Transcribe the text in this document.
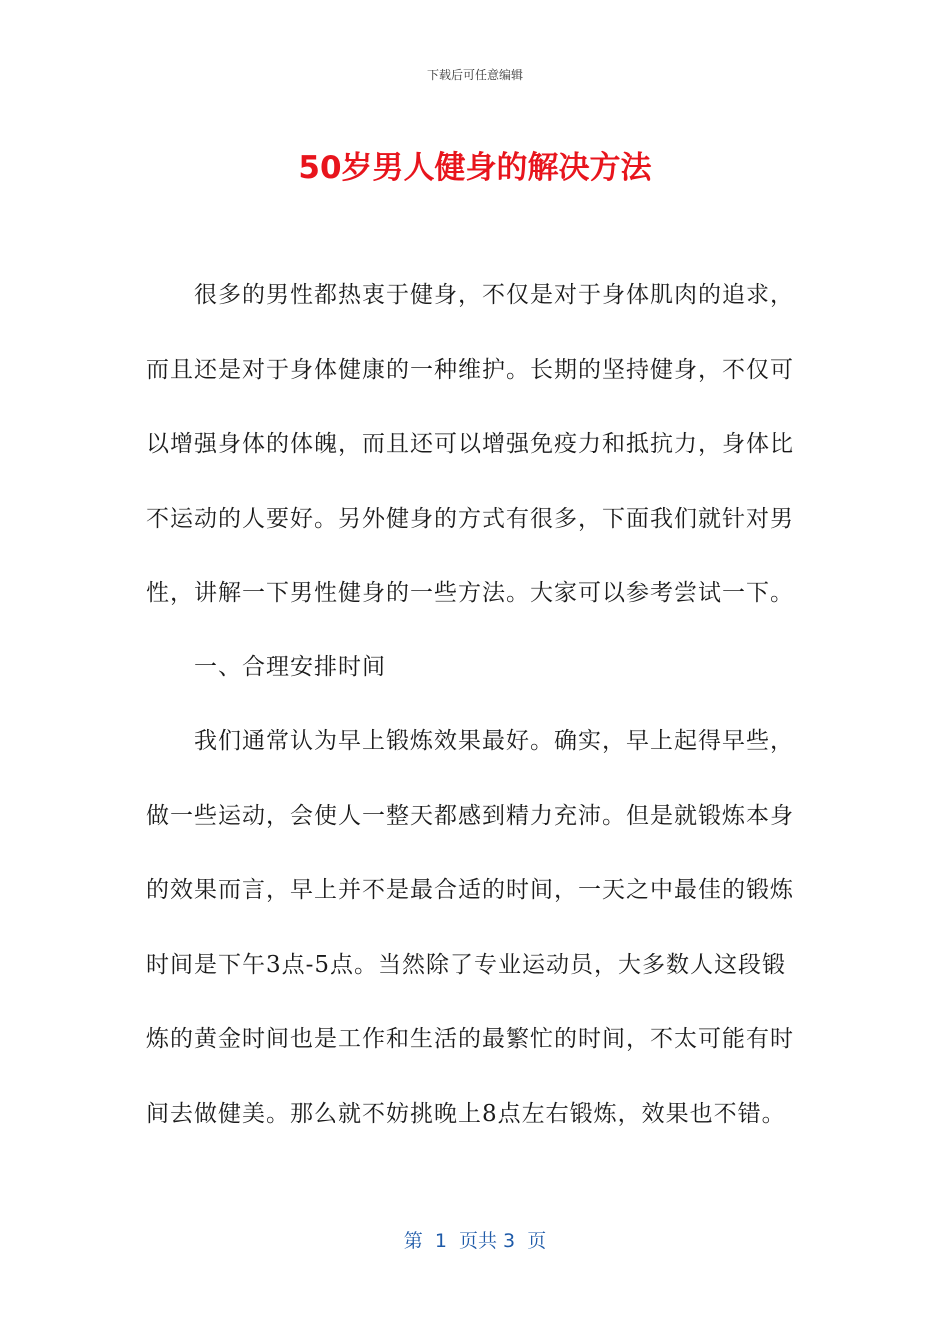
下载后可任意编辑
50岁男人健身的解决方法
很多的男性都热衷于健身，不仅是对于身体肌肉的追求，
而且还是对于身体健康的一种维护。长期的坚持健身，不仅可
以增强身体的体魄，而且还可以增强免疫力和抵抗力，身体比
不运动的人要好。另外健身的方式有很多，下面我们就针对男
性，讲解一下男性健身的一些方法。大家可以参考尝试一下。
一、合理安排时间
我们通常认为早上锻炼效果最好。确实，早上起得早些，
做一些运动，会使人一整天都感到精力充沛。但是就锻炼本身
的效果而言，早上并不是最合适的时间，一天之中最佳的锻炼
时间是下午3点-5点。当然除了专业运动员，大多数人这段锻
炼的黄金时间也是工作和生活的最繁忙的时间，不太可能有时
间去做健美。那么就不妨挑晚上8点左右锻炼，效果也不错。
第  1  页共 3  页
